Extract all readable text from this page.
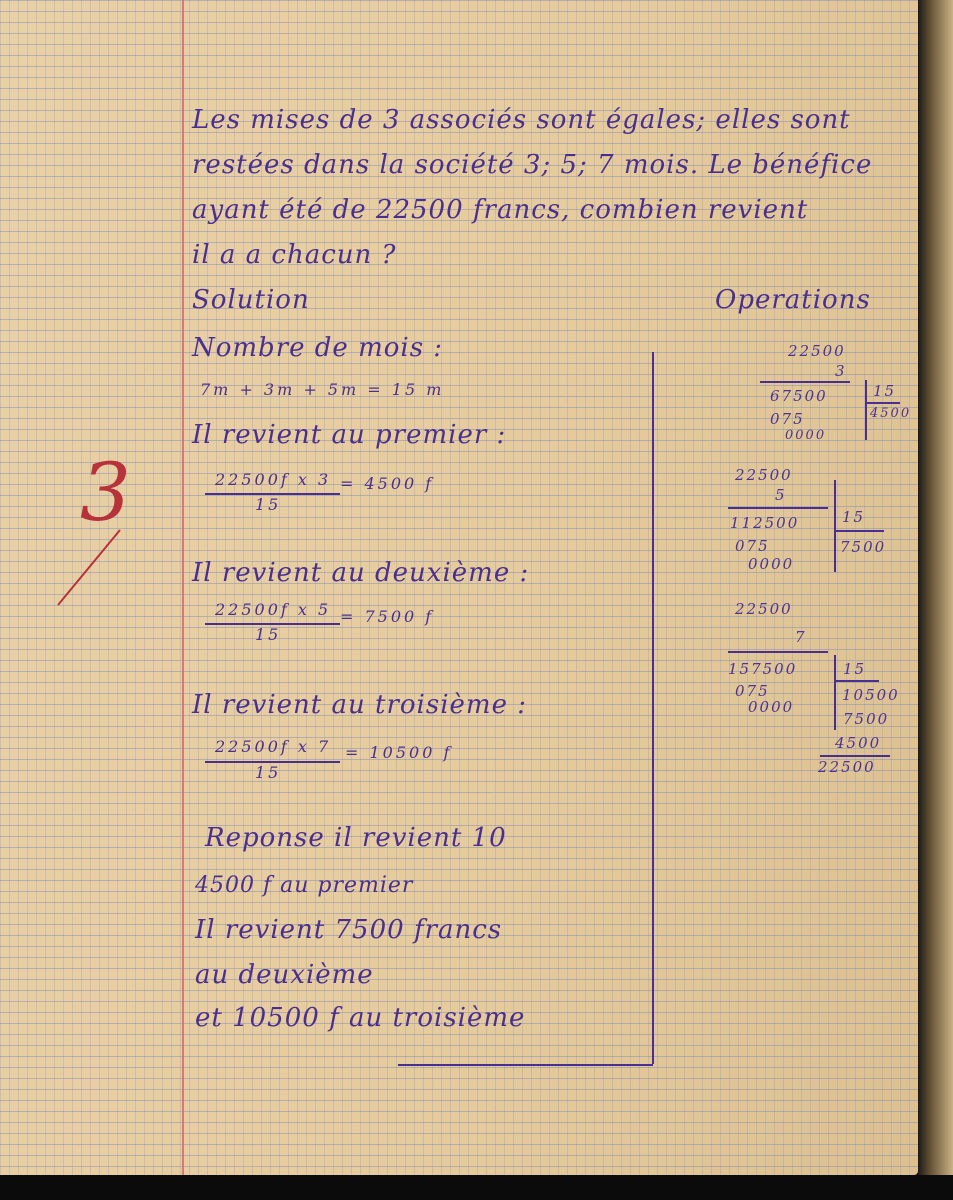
Les mises de 3 associés sont égales; elles sont
restées dans la société 3; 5; 7 mois. Le bénéfice
ayant été de 22500 francs, combien revient
il a a chacun ?
Solution	Operations
Nombre de mois :
7m + 3m + 5m = 15 m
Il revient au premier :
22500f x 3
15
= 4500 f
Il revient au deuxième :
22500f x 5
15
= 7500 f
Il revient au troisième :
22500f x 7
15
= 10500 f
Reponse il revient 10
4500 f au premier
Il revient 7500 francs
au deuxième
et 10500 f au troisième
22500
3
67500
075
0000
15
4500
22500
5
112500
075
0000
15
7500
22500
7
157500
075
0000
15
10500
7500
4500
22500
3
